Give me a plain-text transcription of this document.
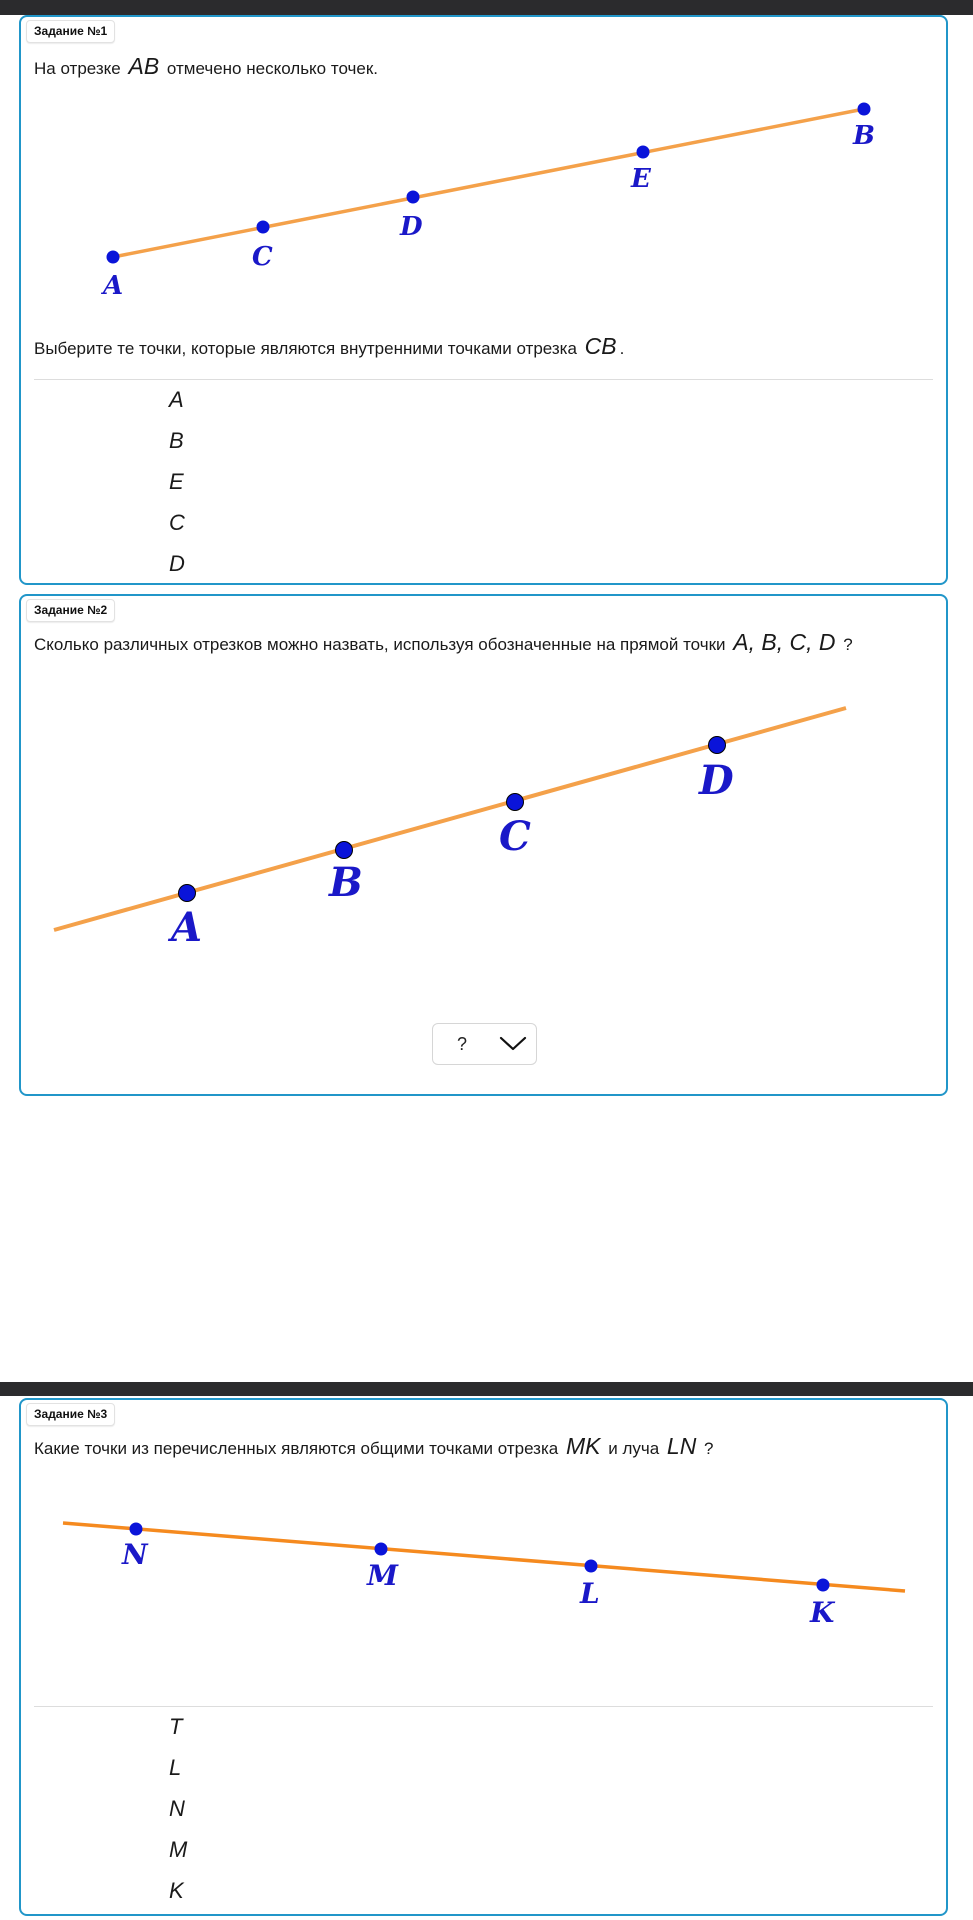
Задание №1
На отрезке AB отмечено несколько точек.
A
C
D
E
B
Выберите те точки, которые являются внутренними точками отрезка CB .
A
B
E
C
D
Задание №2
Сколько различных отрезков можно назвать, используя обозначенные на прямой точки A, B, C, D ?
A
B
C
D
?
Задание №3
Какие точки из перечисленных являются общими точками отрезка MK и луча LN ?
N
M
L
K
T
L
N
M
K
